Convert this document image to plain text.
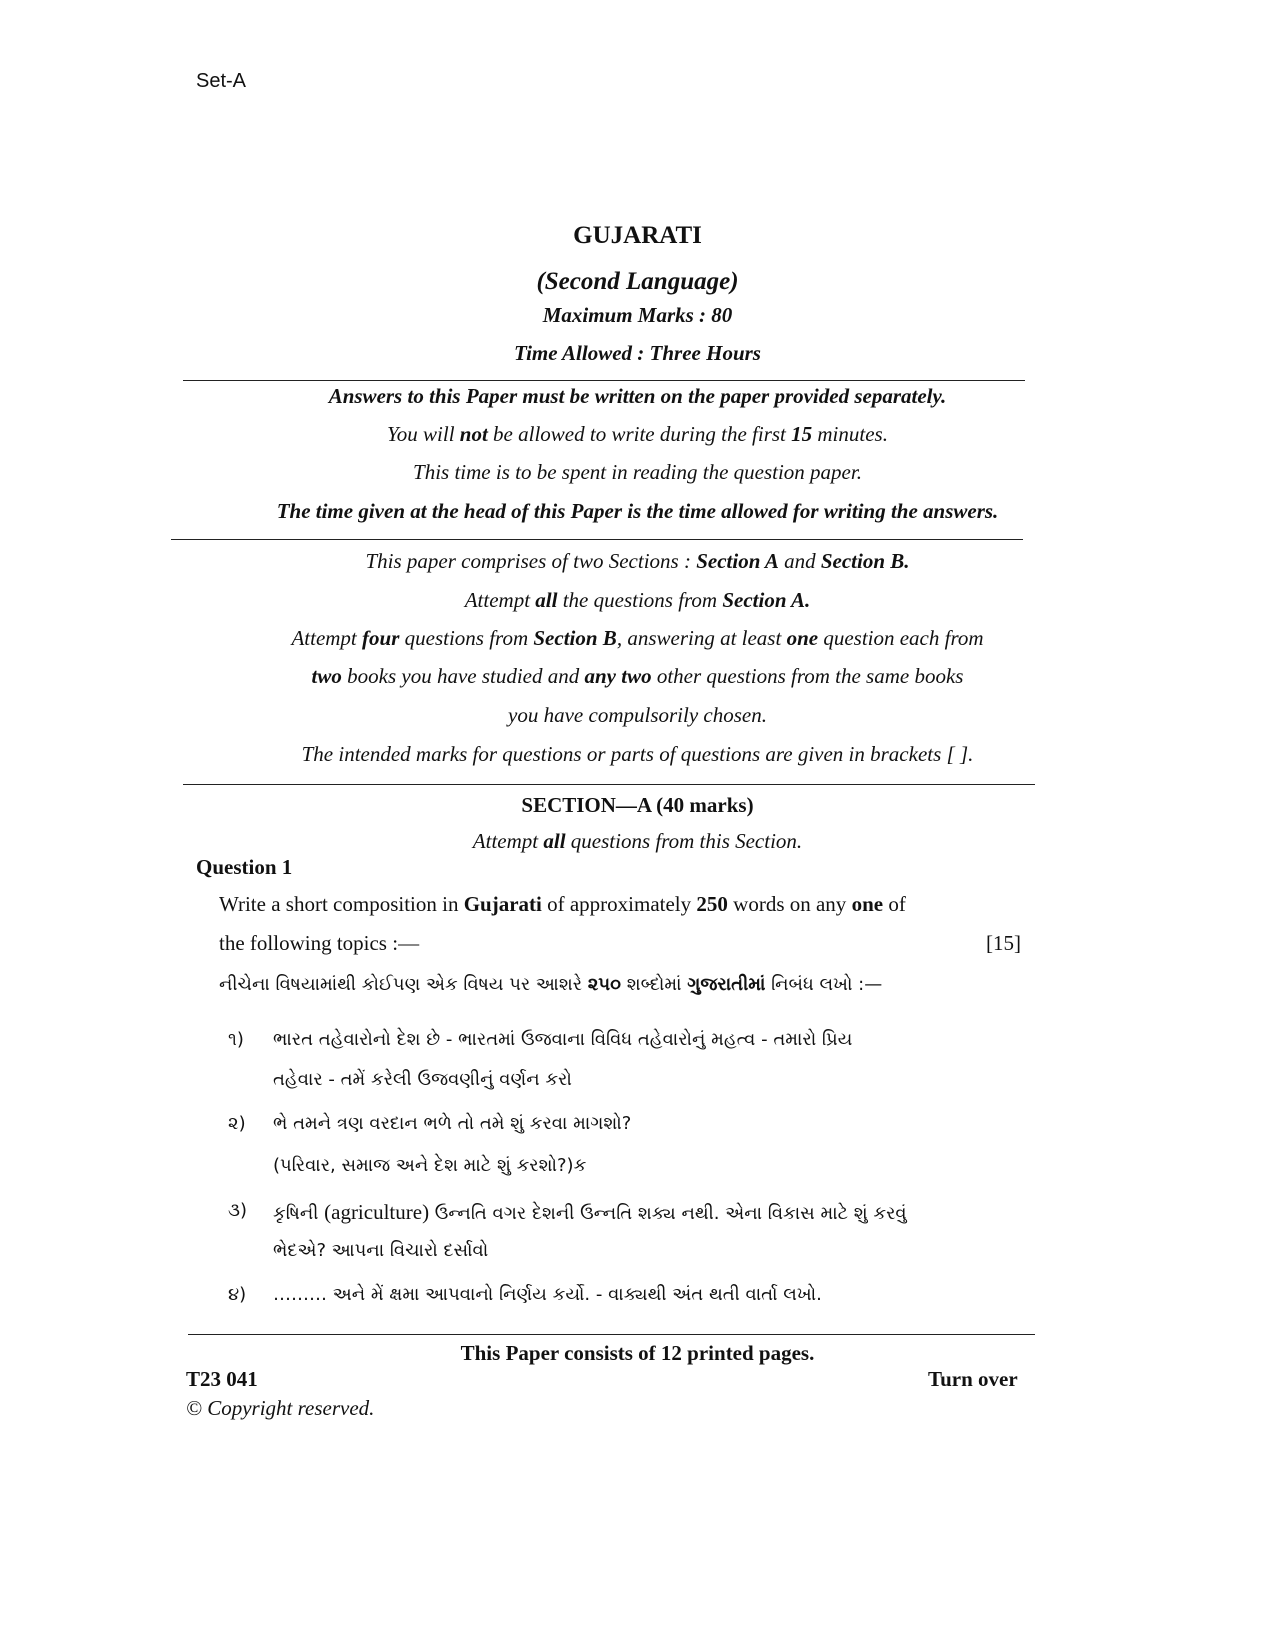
Set-A
GUJARATI
(Second Language)
Maximum Marks : 80
Time Allowed : Three Hours
Answers to this Paper must be written on the paper provided separately.
You will not be allowed to write during the first 15 minutes.
This time is to be spent in reading the question paper.
The time given at the head of this Paper is the time allowed for writing the answers.
This paper comprises of two Sections : Section A and Section B.
Attempt all the questions from Section A.
Attempt four questions from Section B, answering at least one question each from
two books you have studied and any two other questions from the same books
you have compulsorily chosen.
The intended marks for questions or parts of questions are given in brackets [ ].
SECTION—A (40 marks)
Attempt all questions from this Section.
Question 1
Write a short composition in Gujarati of approximately 250 words on any one of
the following topics :—	[15]
નીચેના વિષયામાંથી કોઈપણ એક વિષય પર આશરે ૨૫૦ શબ્દોમાં ગુજરાતીમાં નિબંધ લખો :—
૧) ભારત તહેવારોનો દેશ છે - ભારતમાં ઉજવાના વિવિધ તહેવારોનું મહત્વ - તમારો પ્રિય
તહેવાર - તમેં કરેલી ઉજવણીનું વર્ણન કરો
૨) ભે તમને ત્રણ વરદાન ભળે તો તમે શું કરવા માગશો?
(પરિવાર, સમાજ અને દેશ માટે શું કરશો?)ક
૩) કૃષિની (agriculture) ઉન્નતિ વગર દેશની ઉન્નતિ શક્ય નથી. એના વિકાસ માટે શું કરવું
ભેદએ? આપના વિચારો દર્સાવો
૪) ……… અને મેં ક્ષમા આપવાનો નિર્ણય કર્યો. - વાક્યથી અંત થતી વાર્તા લખો.
This Paper consists of 12 printed pages.
T23 041	Turn over
© Copyright reserved.
